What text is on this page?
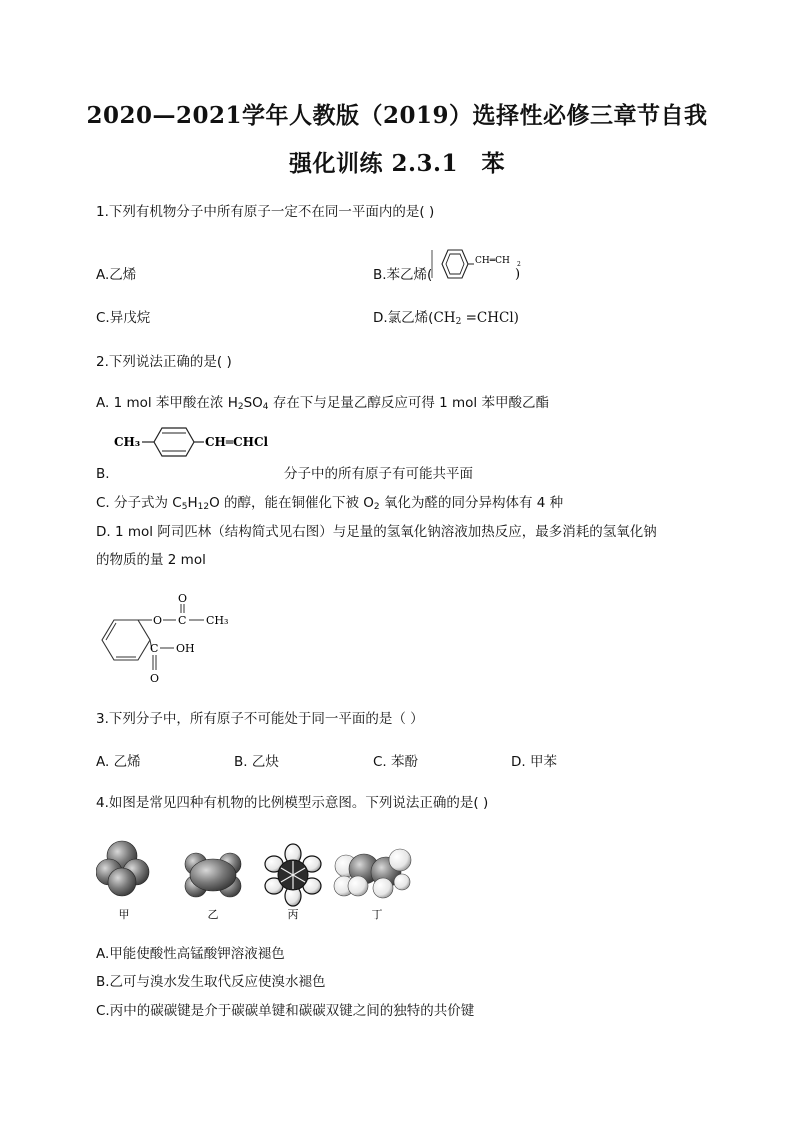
2020—2021学年人教版（2019）选择性必修三章节自我
强化训练 2.3.1　苯
1.下列有机物分子中所有原子一定不在同一平面内的是( )
A.乙烯	B.苯乙烯(
CH═CH 2
)
C.异戊烷	D.氯乙烯($CH_2$ =CHCl)
2.下列说法正确的是( )
A. 1 mol 苯甲酸在浓 $H_2SO_4$ 存在下与足量乙醇反应可得 1 mol 苯甲酸乙酯
CH₃	CH═CHCl
B.	分子中的所有原子有可能共平面
C. 分子式为 $C_5H_{12}O$ 的醇，能在铜催化下被 $O_2$ 氧化为醛的同分异构体有 4 种
D. 1 mol 阿司匹林（结构简式见右图）与足量的氢氧化钠溶液加热反应，最多消耗的氢氧化钠
的物质的量 2 mol
O C
O
CH₃
C OH
O
3.下列分子中，所有原子不可能处于同一平面的是（ ）
A. 乙烯	B. 乙炔	C. 苯酚	D. 甲苯
4.如图是常见四种有机物的比例模型示意图。下列说法正确的是( )
甲	乙	丙	丁
A.甲能使酸性高锰酸钾溶液褪色
B.乙可与溴水发生取代反应使溴水褪色
C.丙中的碳碳键是介于碳碳单键和碳碳双键之间的独特的共价键
